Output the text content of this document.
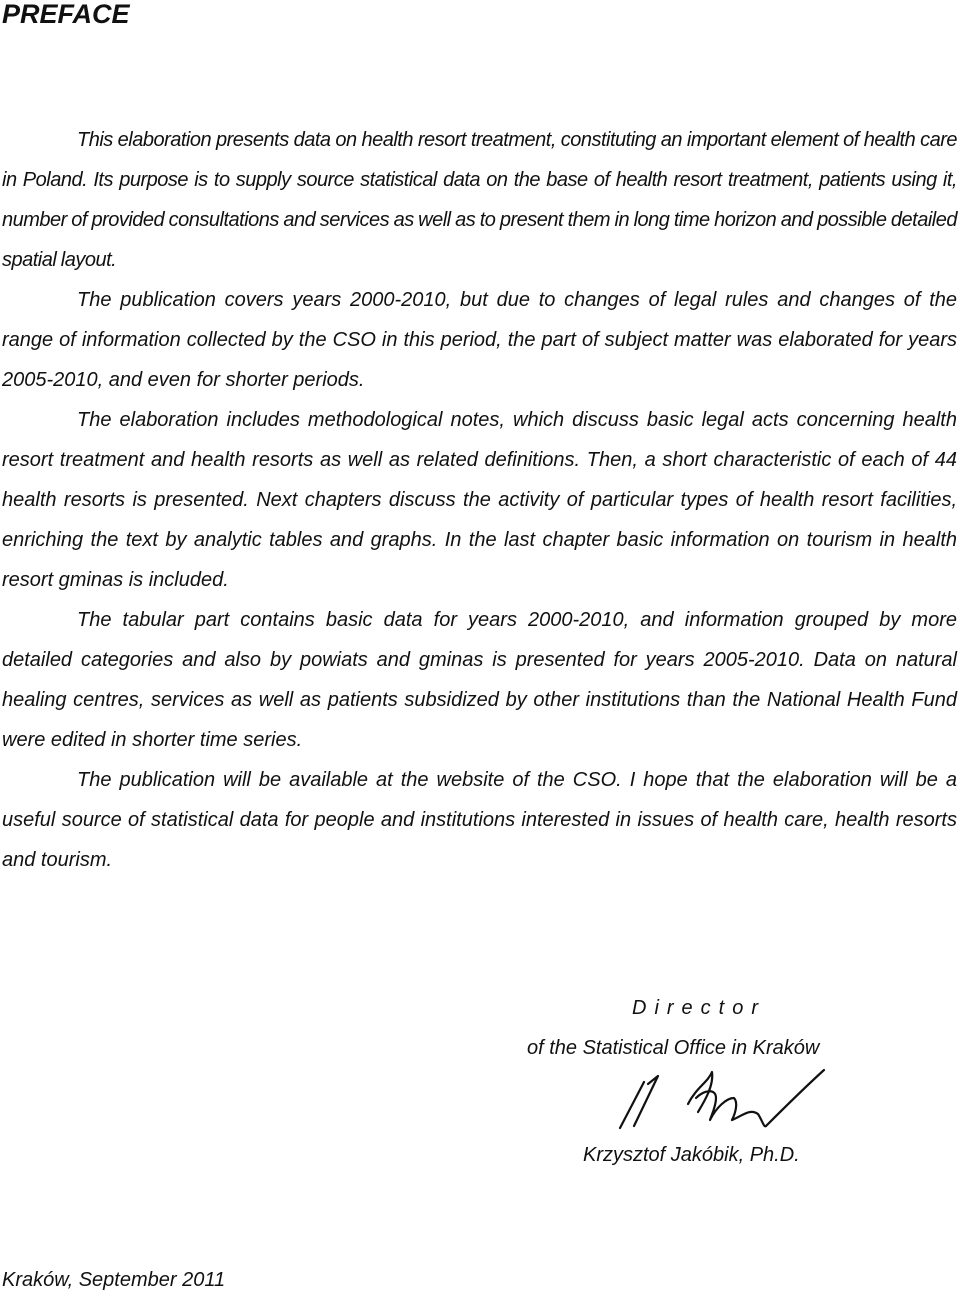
PREFACE

This elaboration presents data on health resort treatment, constituting an important element of health care in Poland. Its purpose is to supply source statistical data on the base of health resort treatment, patients using it, number of provided consultations and services as well as to present them in long time horizon and possible detailed spatial layout.

The publication covers years 2000-2010, but due to changes of legal rules and changes of the range of information collected by the CSO in this period, the part of subject matter was elaborated for years 2005-2010, and even for shorter periods.

The elaboration includes methodological notes, which discuss basic legal acts concerning health resort treatment and health resorts as well as related definitions. Then, a short characteristic of each of 44 health resorts is presented. Next chapters discuss the activity of particular types of health resort facilities, enriching the text by analytic tables and graphs. In the last chapter basic information on tourism in health resort gminas is included.

The tabular part contains basic data for years 2000-2010, and information grouped by more detailed categories and also by powiats and gminas is presented for years 2005-2010. Data on natural healing centres, services as well as patients subsidized by other institutions than the National Health Fund were edited in shorter time series.

The publication will be available at the website of the CSO. I hope that the elaboration will be a useful source of statistical data for people and institutions interested in issues of health care, health resorts and tourism.

Director

of the Statistical Office in Kraków

Krzysztof Jakóbik, Ph.D.

Kraków, September 2011
